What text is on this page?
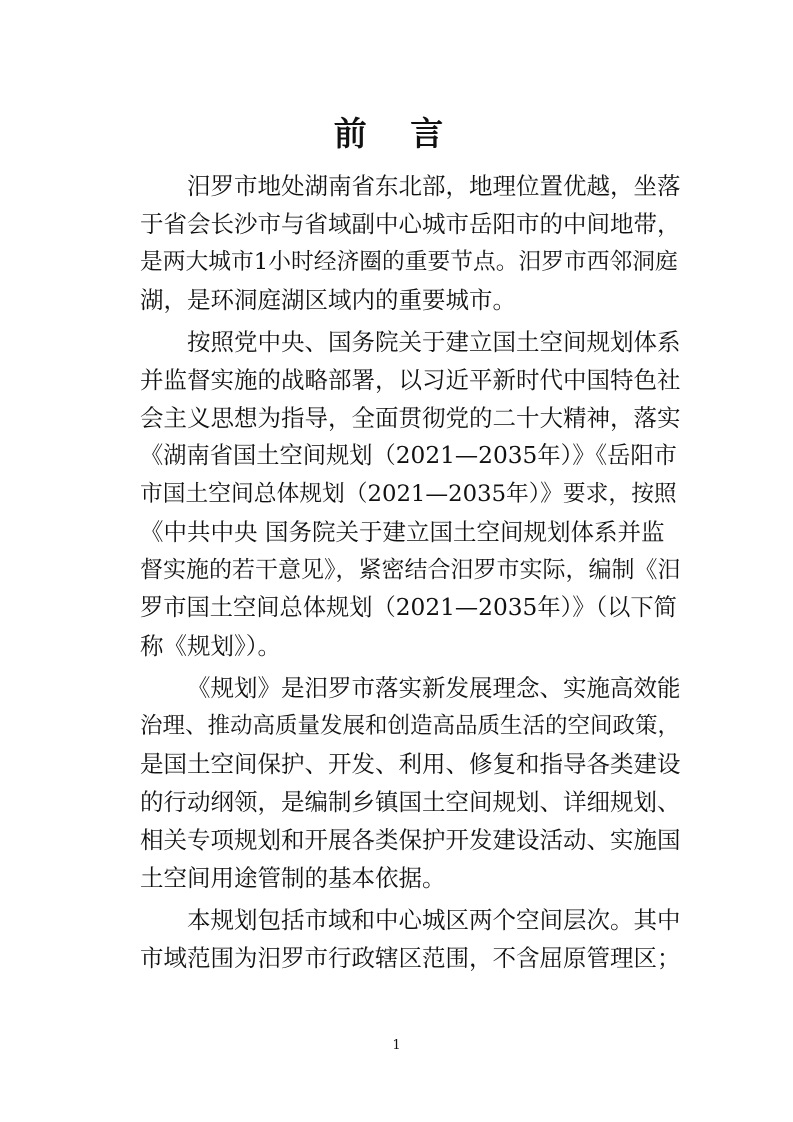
前 言
汨罗市地处湖南省东北部，地理位置优越，坐落
于省会长沙市与省域副中心城市岳阳市的中间地带，
是两大城市1小时经济圈的重要节点。汨罗市西邻洞庭
湖，是环洞庭湖区域内的重要城市。
按照党中央、国务院关于建立国土空间规划体系
并监督实施的战略部署，以习近平新时代中国特色社
会主义思想为指导，全面贯彻党的二十大精神，落实
《湖南省国土空间规划（2021—2035年）》《岳阳市
市国土空间总体规划（2021—2035年）》要求，按照
《中共中央 国务院关于建立国土空间规划体系并监
督实施的若干意见》，紧密结合汨罗市实际，编制《汨
罗市国土空间总体规划（2021—2035年）》（以下简
称《规划》）。
《规划》是汨罗市落实新发展理念、实施高效能
治理、推动高质量发展和创造高品质生活的空间政策，
是国土空间保护、开发、利用、修复和指导各类建设
的行动纲领，是编制乡镇国土空间规划、详细规划、
相关专项规划和开展各类保护开发建设活动、实施国
土空间用途管制的基本依据。
本规划包括市域和中心城区两个空间层次。其中
市域范围为汨罗市行政辖区范围，不含屈原管理区；
1
